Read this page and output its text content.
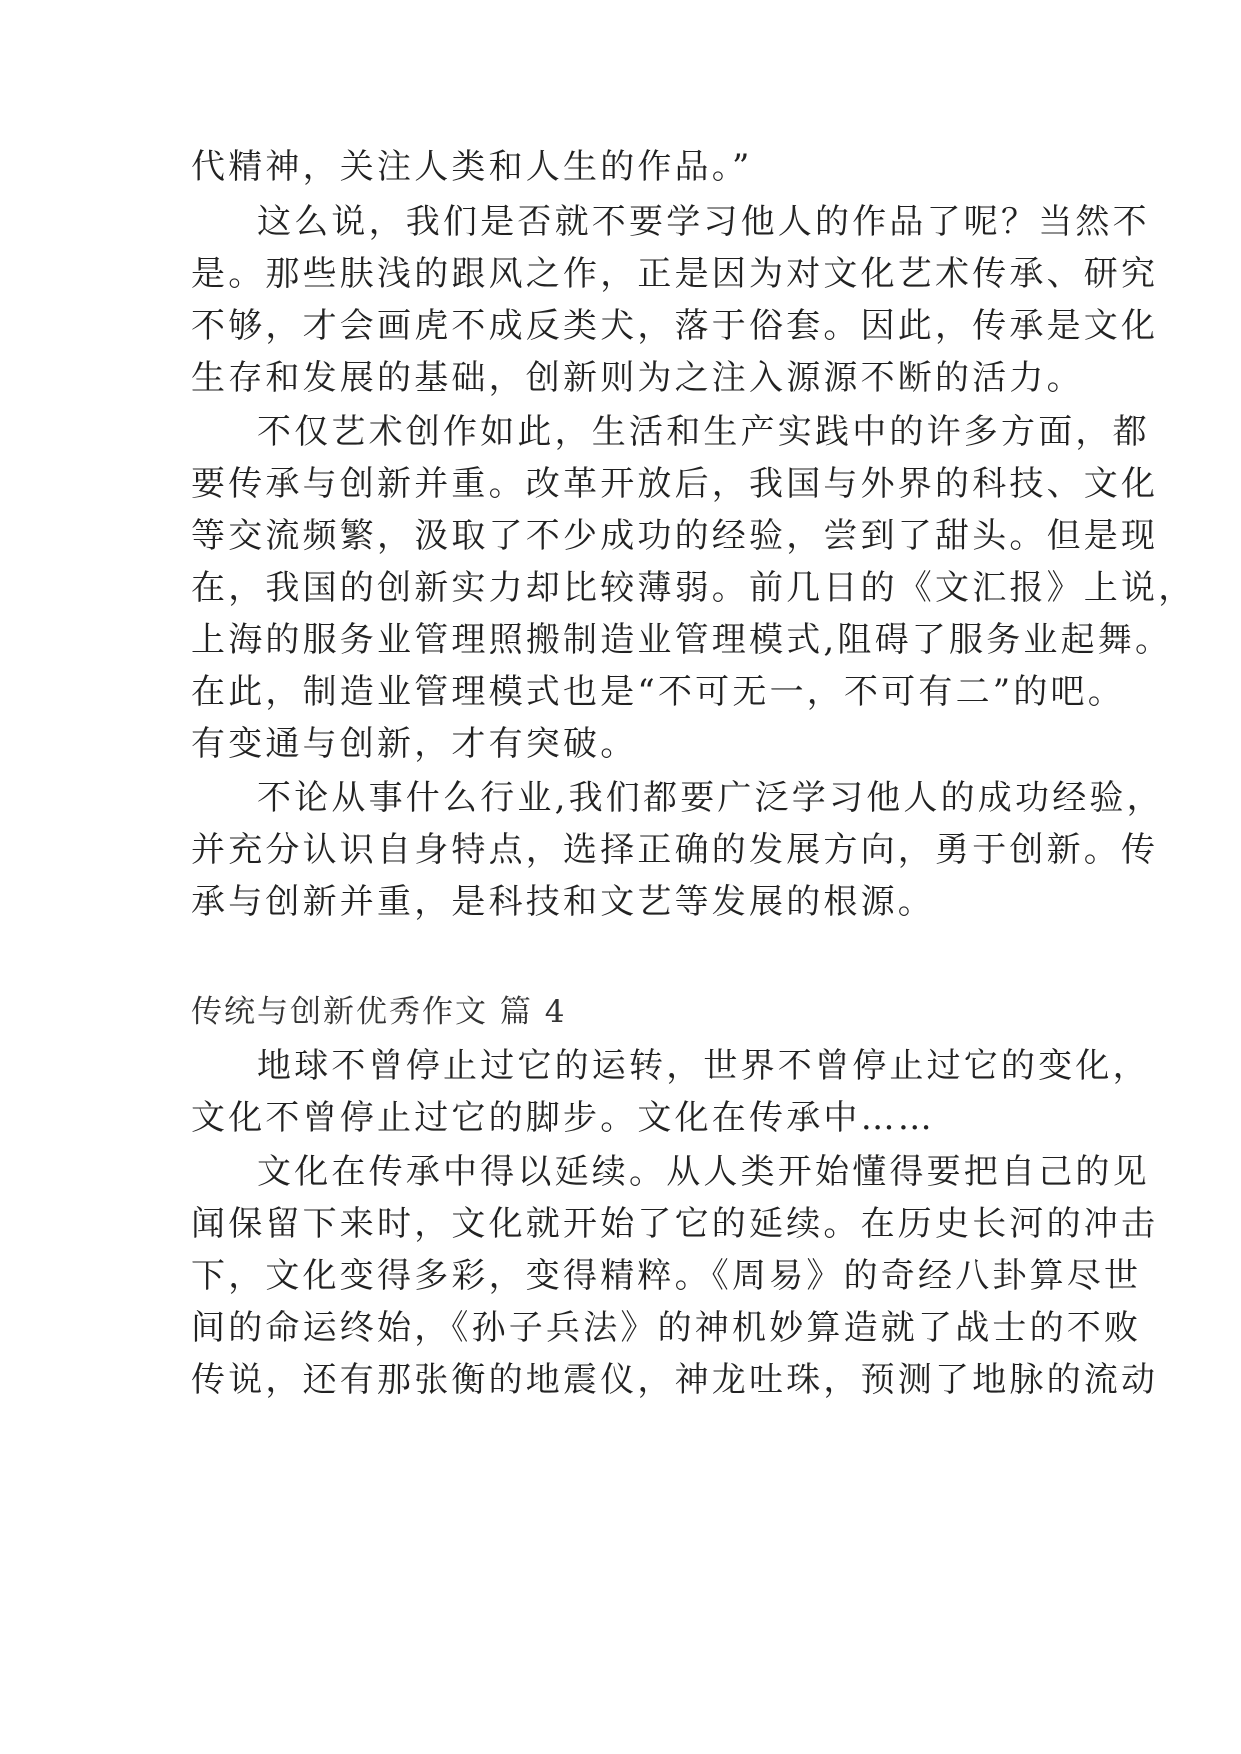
代精神，关注人类和人生的作品。”
这么说，我们是否就不要学习他人的作品了呢？当然不
是。那些肤浅的跟风之作，正是因为对文化艺术传承、研究
不够，才会画虎不成反类犬，落于俗套。因此，传承是文化
生存和发展的基础，创新则为之注入源源不断的活力。
不仅艺术创作如此，生活和生产实践中的许多方面，都
要传承与创新并重。改革开放后，我国与外界的科技、文化
等交流频繁，汲取了不少成功的经验，尝到了甜头。但是现
在，我国的创新实力却比较薄弱。前几日的《文汇报》上说，
上海的服务业管理照搬制造业管理模式,阻碍了服务业起舞。
在此，制造业管理模式也是“不可无一，不可有二”的吧。
有变通与创新，才有突破。
不论从事什么行业,我们都要广泛学习他人的成功经验，
并充分认识自身特点，选择正确的发展方向，勇于创新。传
承与创新并重，是科技和文艺等发展的根源。
传统与创新优秀作文 篇 4
地球不曾停止过它的运转，世界不曾停止过它的变化，
文化不曾停止过它的脚步。文化在传承中……
文化在传承中得以延续。从人类开始懂得要把自己的见
闻保留下来时，文化就开始了它的延续。在历史长河的冲击
下，文化变得多彩，变得精粹。《周易》的奇经八卦算尽世
间的命运终始，《孙子兵法》的神机妙算造就了战士的不败
传说，还有那张衡的地震仪，神龙吐珠，预测了地脉的流动
